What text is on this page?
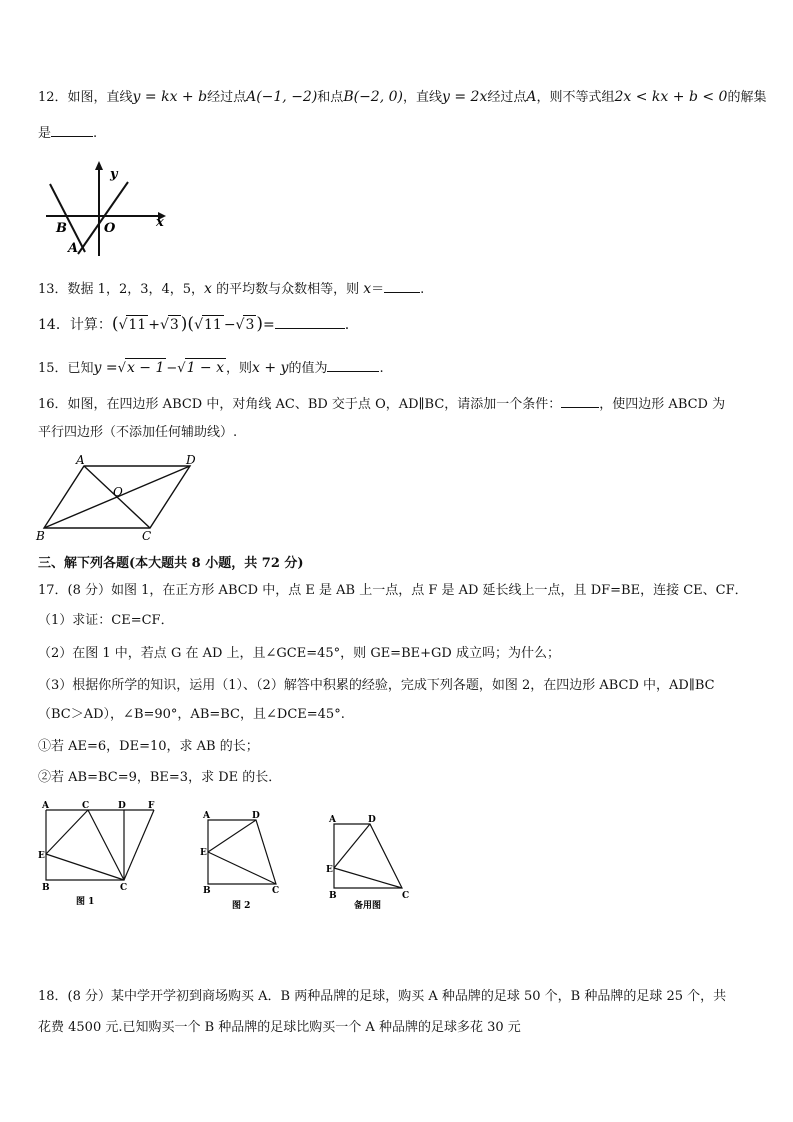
12．如图，直线y = kx + b经过点A(−1, −2)和点B(−2, 0)，直线y = 2x经过点A，则不等式组2x < kx + b < 0的解集
是	.
y
x
B	O
A
13．数据 1，2，3，4，5，x 的平均数与众数相等，则 x＝	.
14．计算：(√11 +√3 )(√11 −√3 )=	.
15．已知y =√x − 1 −√1 − x ，则x + y的值为	.
16．如图，在四边形 ABCD 中，对角线 AC、BD 交于点 O，AD∥BC，请添加一个条件：	，使四边形 ABCD 为
平行四边形（不添加任何辅助线）.
A	D
O
B	C
三、解下列各题(本大题共 8 小题，共 72 分)
17．(8 分）如图 1，在正方形 ABCD 中，点 E 是 AB 上一点，点 F 是 AD 延长线上一点，且 DF=BE，连接 CE、CF．
（1）求证：CE=CF．
（2）在图 1 中，若点 G 在 AD 上，且∠GCE=45°，则 GE=BE+GD 成立吗；为什么；
（3）根据你所学的知识，运用（1）、（2）解答中积累的经验，完成下列各题，如图 2，在四边形 ABCD 中，AD∥BC
（BC＞AD），∠B=90°，AB=BC，且∠DCE=45°.
①若 AE=6，DE=10，求 AB 的长；
②若 AB=BC=9，BE=3，求 DE 的长．
A	C	D F
E
B	C
图 1
A	D
E
B	C
图 2
A	D
E
B	C
备用图
18．(8 分）某中学开学初到商场购买 A．B 两种品牌的足球，购买 A 种品牌的足球 50 个，B 种品牌的足球 25 个，共
花费 4500 元.已知购买一个 B 种品牌的足球比购买一个 A 种品牌的足球多花 30 元
